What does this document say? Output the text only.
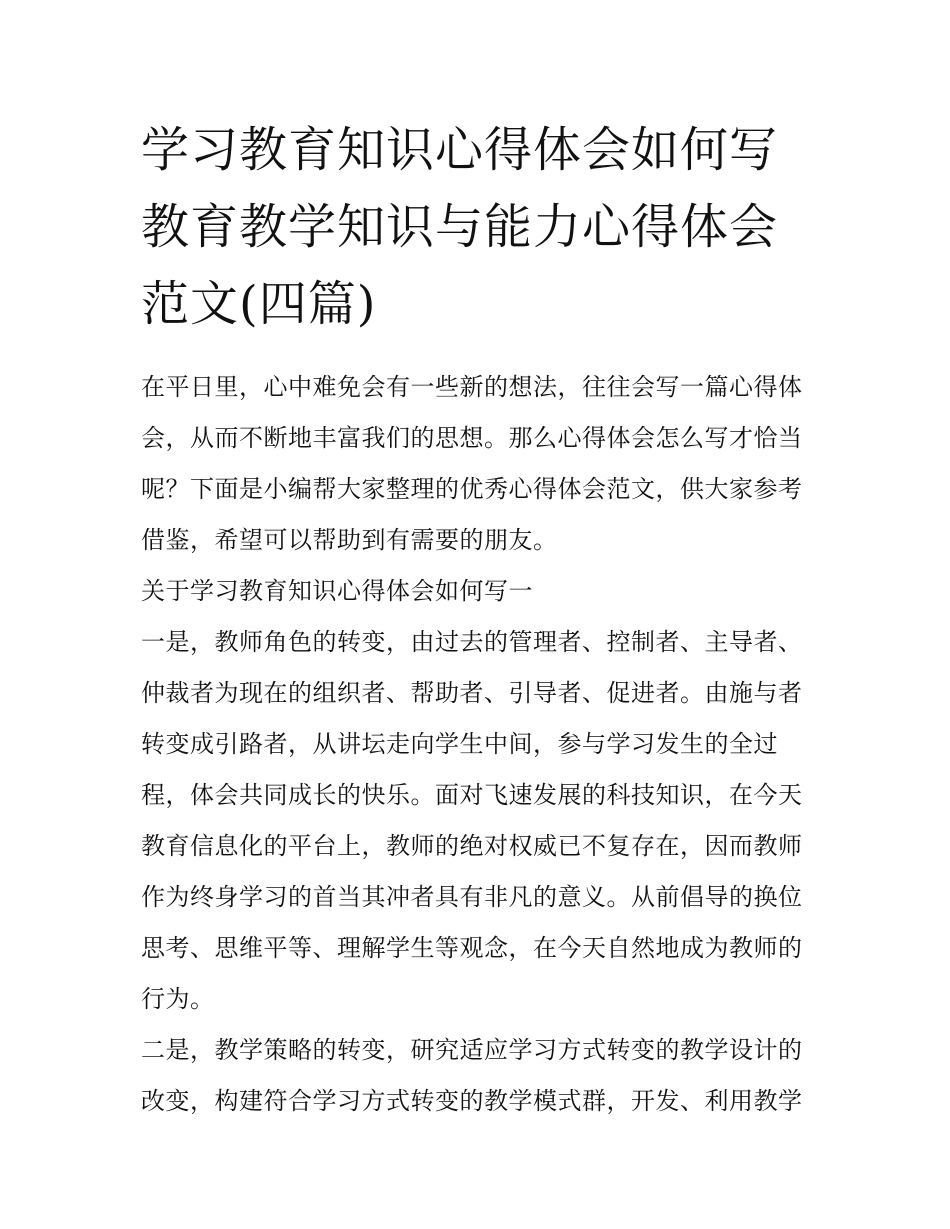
学习教育知识心得体会如何写
教育教学知识与能力心得体会
范文(四篇)

在平日里，心中难免会有一些新的想法，往往会写一篇心得体
会，从而不断地丰富我们的思想。那么心得体会怎么写才恰当
呢？下面是小编帮大家整理的优秀心得体会范文，供大家参考
借鉴，希望可以帮助到有需要的朋友。

关于学习教育知识心得体会如何写一

一是，教师角色的转变，由过去的管理者、控制者、主导者、
仲裁者为现在的组织者、帮助者、引导者、促进者。由施与者
转变成引路者，从讲坛走向学生中间，参与学习发生的全过
程，体会共同成长的快乐。面对飞速发展的科技知识，在今天
教育信息化的平台上，教师的绝对权威已不复存在，因而教师
作为终身学习的首当其冲者具有非凡的意义。从前倡导的换位
思考、思维平等、理解学生等观念，在今天自然地成为教师的
行为。

二是，教学策略的转变，研究适应学习方式转变的教学设计的
改变，构建符合学习方式转变的教学模式群，开发、利用教学
